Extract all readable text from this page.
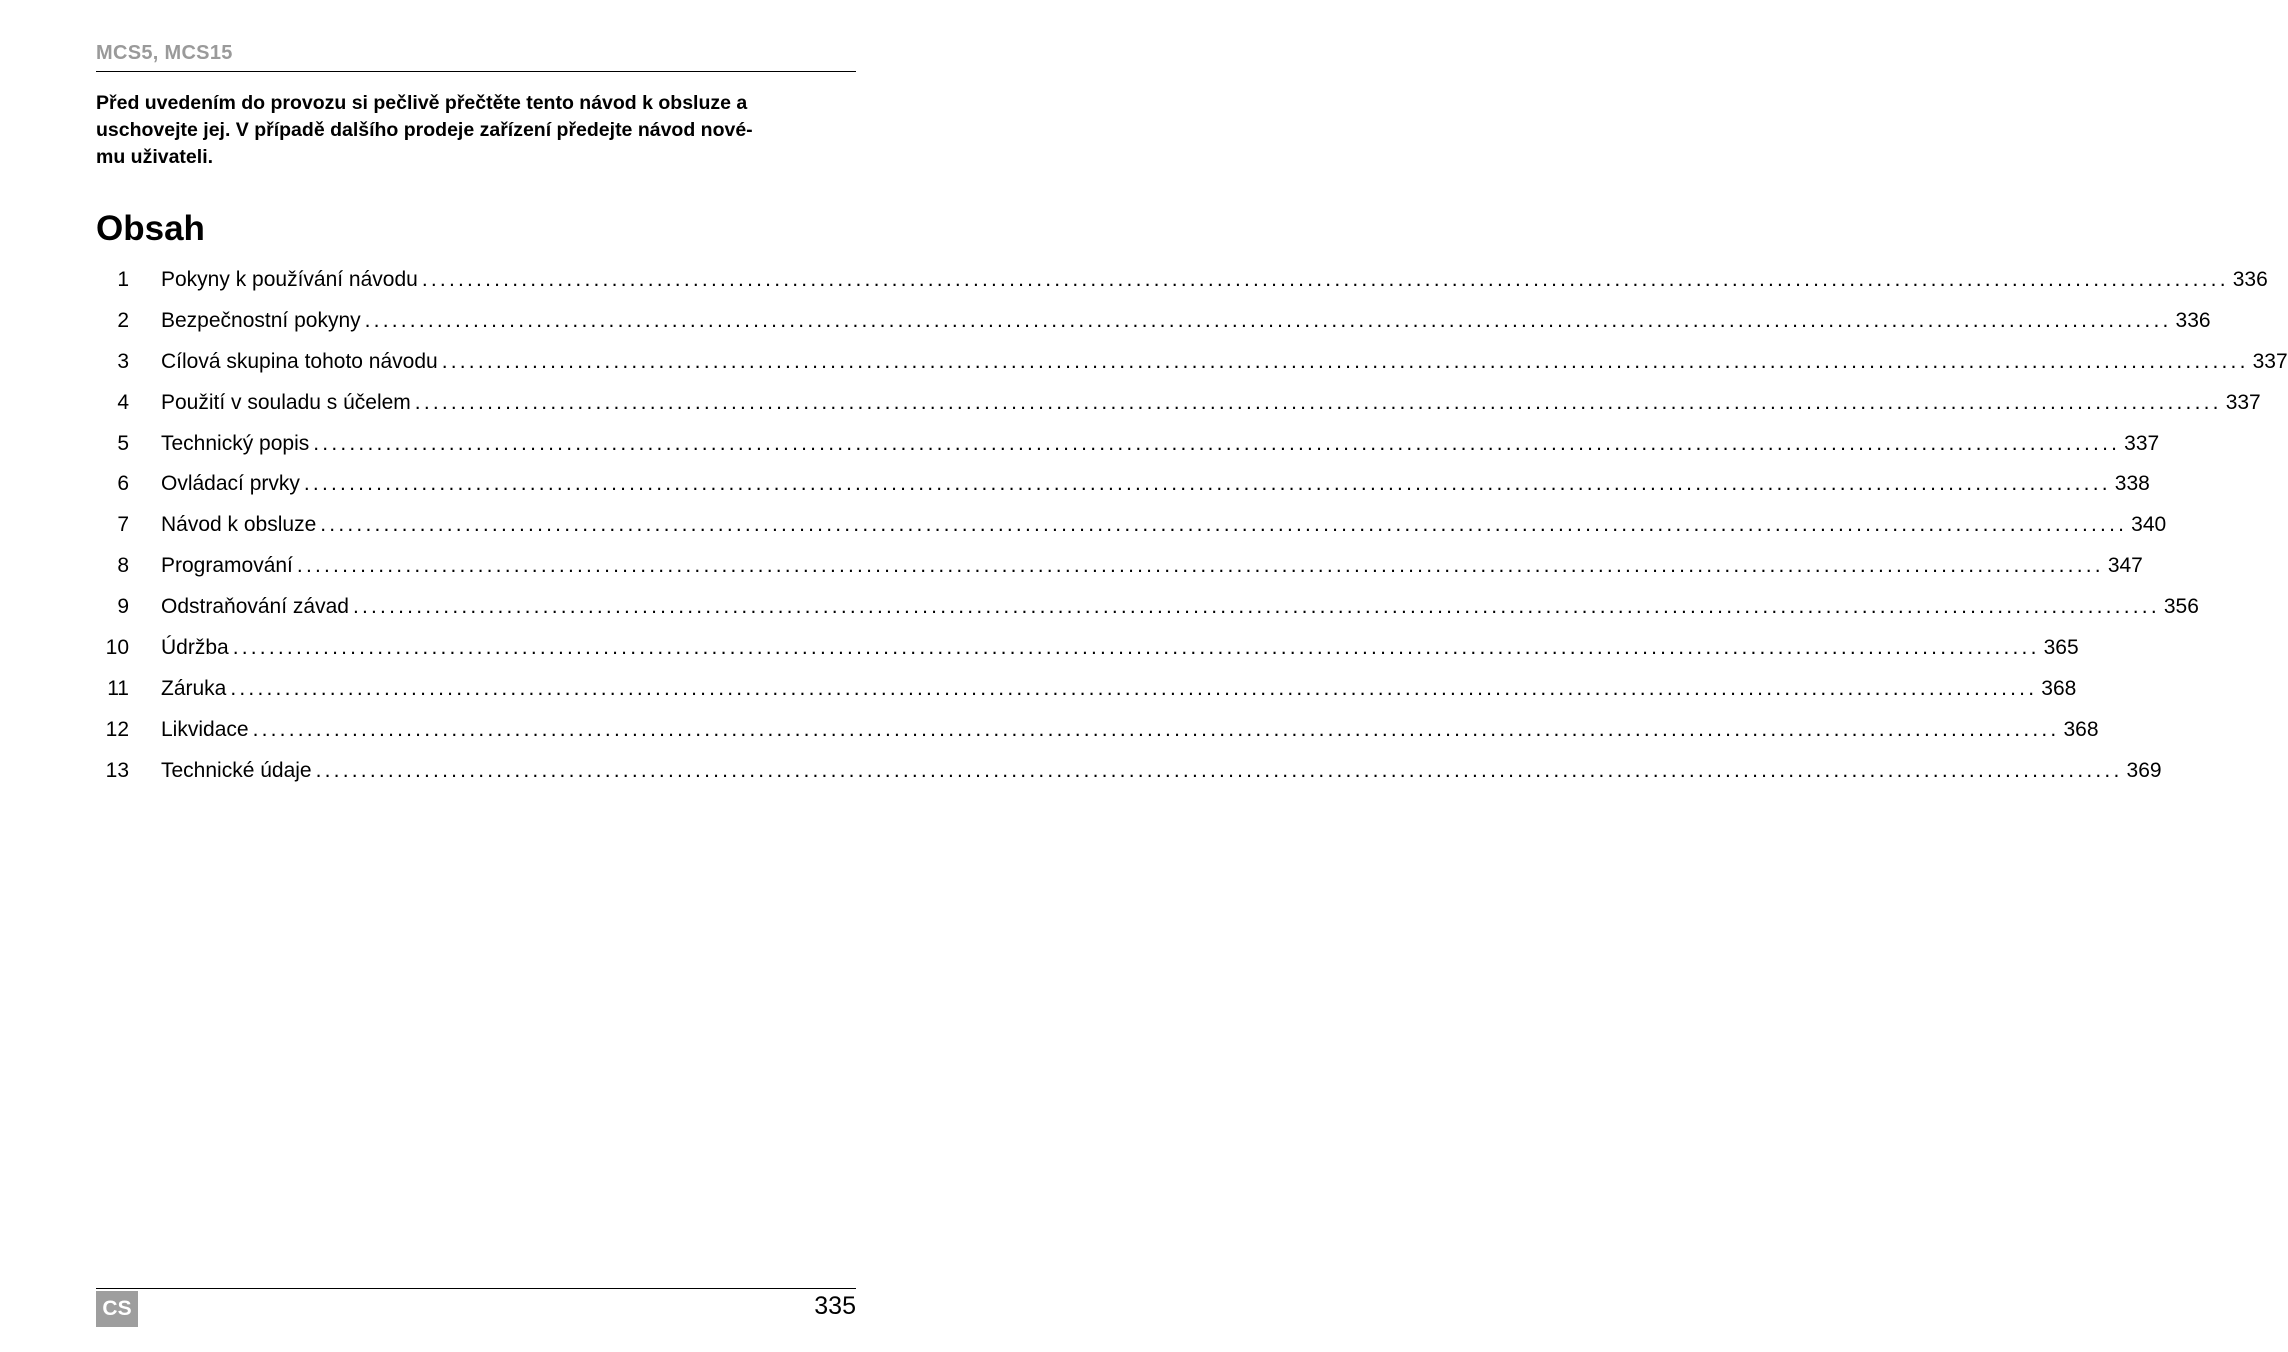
MCS5, MCS15

Před uvedením do provozu si pečlivě přečtěte tento návod k obsluze a
uschovejte jej. V případě dalšího prodeje zařízení předejte návod nové-
mu uživateli.

Obsah
1 Pokyny k používání návodu ........................................................................................................................................................................................................ 336
2 Bezpečnostní pokyny ........................................................................................................................................................................................................ 336
3 Cílová skupina tohoto návodu ........................................................................................................................................................................................................ 337
4 Použití v souladu s účelem ........................................................................................................................................................................................................ 337
5 Technický popis ........................................................................................................................................................................................................ 337
6 Ovládací prvky ........................................................................................................................................................................................................ 338
7 Návod k obsluze ........................................................................................................................................................................................................ 340
8 Programování ........................................................................................................................................................................................................ 347
9 Odstraňování závad ........................................................................................................................................................................................................ 356
10 Údržba ........................................................................................................................................................................................................ 365
11 Záruka ........................................................................................................................................................................................................ 368
12 Likvidace ........................................................................................................................................................................................................ 368
13 Technické údaje ........................................................................................................................................................................................................ 369
CS	335
